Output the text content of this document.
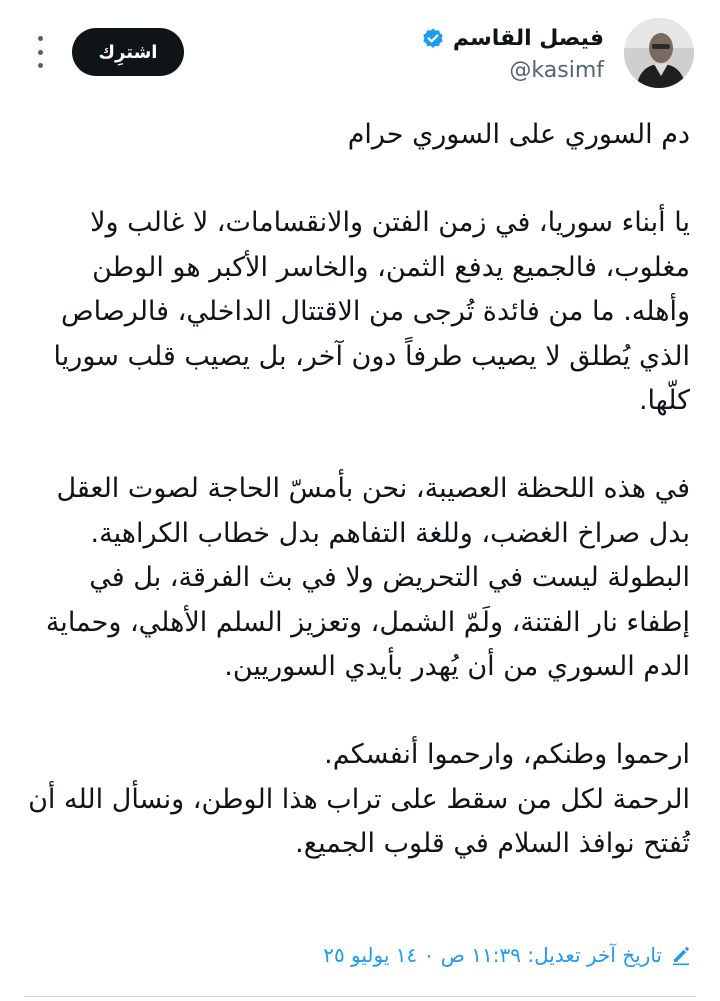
فيصل القاسم
@kasimf
اشترِك

دم السوري على السوري حرام

يا أبناء سوريا، في زمن الفتن والانقسامات، لا غالب ولا مغلوب، فالجميع يدفع الثمن، والخاسر الأكبر هو الوطن وأهله. ما من فائدة تُرجى من الاقتتال الداخلي، فالرصاص الذي يُطلق لا يصيب طرفاً دون آخر، بل يصيب قلب سوريا كلّها.

في هذه اللحظة العصيبة، نحن بأمسّ الحاجة لصوت العقل بدل صراخ الغضب، وللغة التفاهم بدل خطاب الكراهية.

البطولة ليست في التحريض ولا في بث الفرقة، بل في إطفاء نار الفتنة، ولَمّ الشمل، وتعزيز السلم الأهلي، وحماية الدم السوري من أن يُهدر بأيدي السوريين.

ارحموا وطنكم، وارحموا أنفسكم.

الرحمة لكل من سقط على تراب هذا الوطن، ونسأل الله أن تُفتح نوافذ السلام في قلوب الجميع.

تاريخ آخر تعديل: ١١:٣٩ ص ٠ ١٤ يوليو ٢٥
